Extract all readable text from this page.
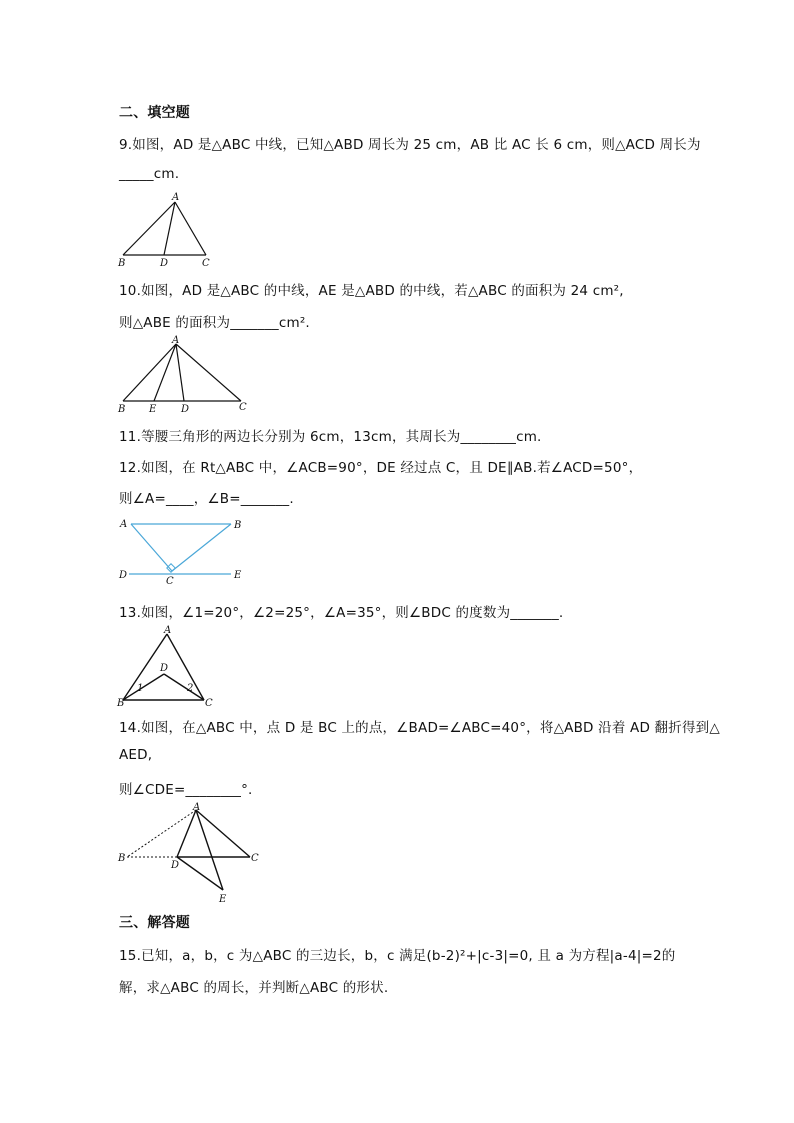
二、填空题
9.如图，AD 是△ABC 中线，已知△ABD 周长为 25 cm，AB 比 AC 长 6 cm，则△ACD 周长为
_____cm.
A
B	D	C
10.如图，AD 是△ABC 的中线，AE 是△ABD 的中线，若△ABC 的面积为 24 cm²,
则△ABE 的面积为_______cm².
A
B E D	C
11.等腰三角形的两边长分别为 6cm，13cm，其周长为________cm.
12.如图，在 Rt△ABC 中，∠ACB=90°，DE 经过点 C，且 DE∥AB.若∠ACD=50°，
则∠A=____，∠B=_______.
A	B
C
D	E
13.如图，∠1=20°，∠2=25°，∠A=35°，则∠BDC 的度数为_______.
A
D
B	C
1	2
14.如图，在△ABC 中，点 D 是 BC 上的点，∠BAD=∠ABC=40°，将△ABD 沿着 AD 翻折得到△
AED,
则∠CDE=________°.
A
B	C
D
E
三、解答题
15.已知，a，b，c 为△ABC 的三边长，b，c 满足(b-2)²+|c-3|=0, 且 a 为方程|a-4|=2的
解，求△ABC 的周长，并判断△ABC 的形状.
